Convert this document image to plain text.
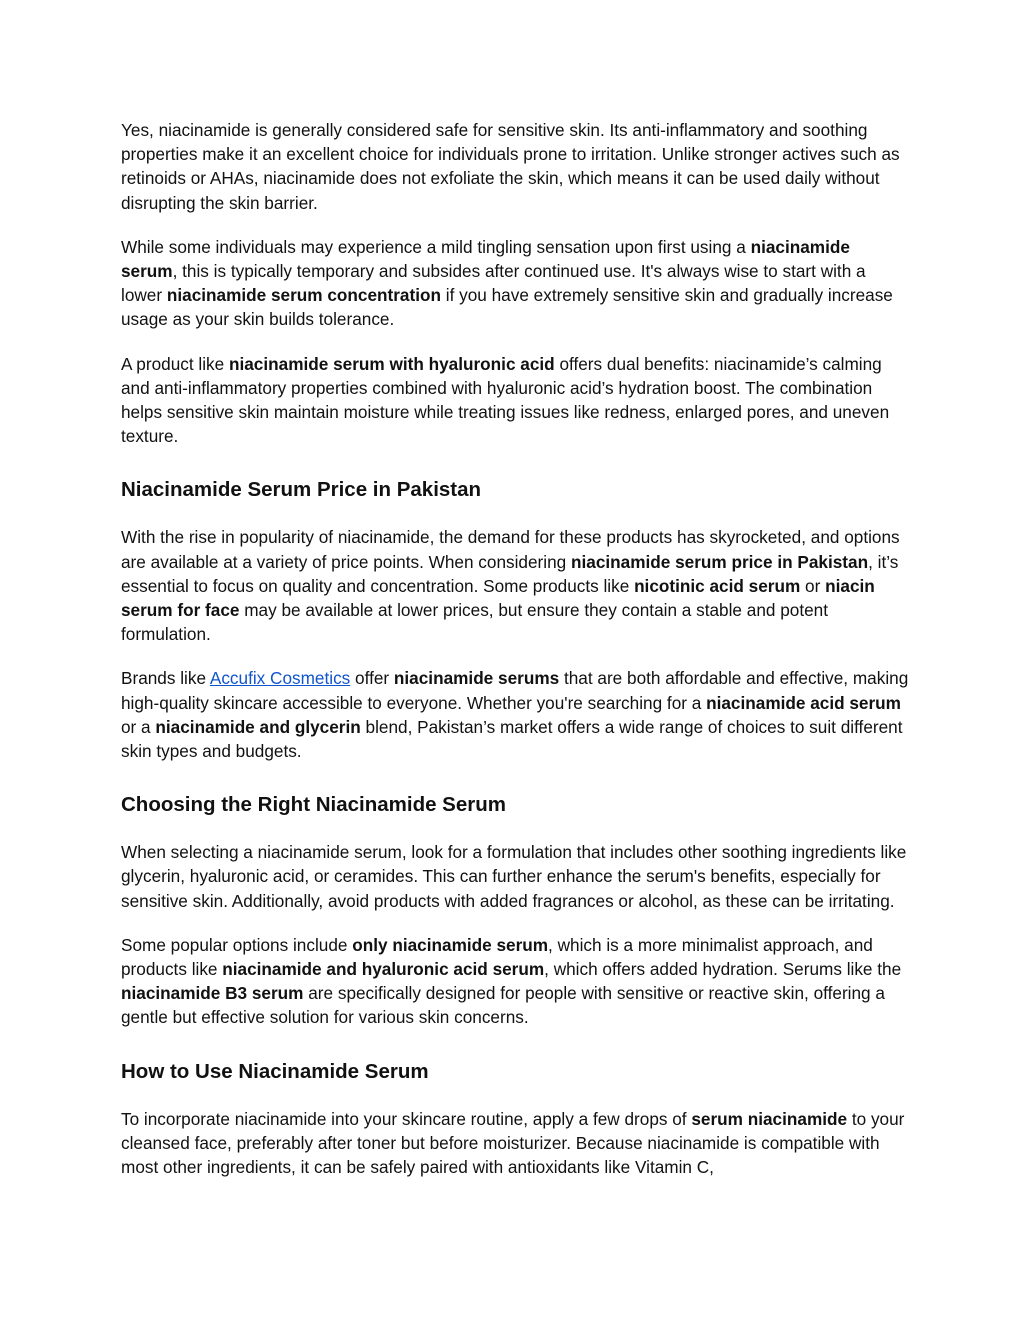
Yes, niacinamide is generally considered safe for sensitive skin. Its anti-inflammatory and soothing properties make it an excellent choice for individuals prone to irritation. Unlike stronger actives such as retinoids or AHAs, niacinamide does not exfoliate the skin, which means it can be used daily without disrupting the skin barrier.

While some individuals may experience a mild tingling sensation upon first using a niacinamide serum, this is typically temporary and subsides after continued use. It's always wise to start with a lower niacinamide serum concentration if you have extremely sensitive skin and gradually increase usage as your skin builds tolerance.

A product like niacinamide serum with hyaluronic acid offers dual benefits: niacinamide’s calming and anti-inflammatory properties combined with hyaluronic acid’s hydration boost. The combination helps sensitive skin maintain moisture while treating issues like redness, enlarged pores, and uneven texture.

Niacinamide Serum Price in Pakistan

With the rise in popularity of niacinamide, the demand for these products has skyrocketed, and options are available at a variety of price points. When considering niacinamide serum price in Pakistan, it’s essential to focus on quality and concentration. Some products like nicotinic acid serum or niacin serum for face may be available at lower prices, but ensure they contain a stable and potent formulation.

Brands like Accufix Cosmetics offer niacinamide serums that are both affordable and effective, making high-quality skincare accessible to everyone. Whether you're searching for a niacinamide acid serum or a niacinamide and glycerin blend, Pakistan’s market offers a wide range of choices to suit different skin types and budgets.

Choosing the Right Niacinamide Serum

When selecting a niacinamide serum, look for a formulation that includes other soothing ingredients like glycerin, hyaluronic acid, or ceramides. This can further enhance the serum's benefits, especially for sensitive skin. Additionally, avoid products with added fragrances or alcohol, as these can be irritating.

Some popular options include only niacinamide serum, which is a more minimalist approach, and products like niacinamide and hyaluronic acid serum, which offers added hydration. Serums like the niacinamide B3 serum are specifically designed for people with sensitive or reactive skin, offering a gentle but effective solution for various skin concerns.

How to Use Niacinamide Serum

To incorporate niacinamide into your skincare routine, apply a few drops of serum niacinamide to your cleansed face, preferably after toner but before moisturizer. Because niacinamide is compatible with most other ingredients, it can be safely paired with antioxidants like Vitamin C,
